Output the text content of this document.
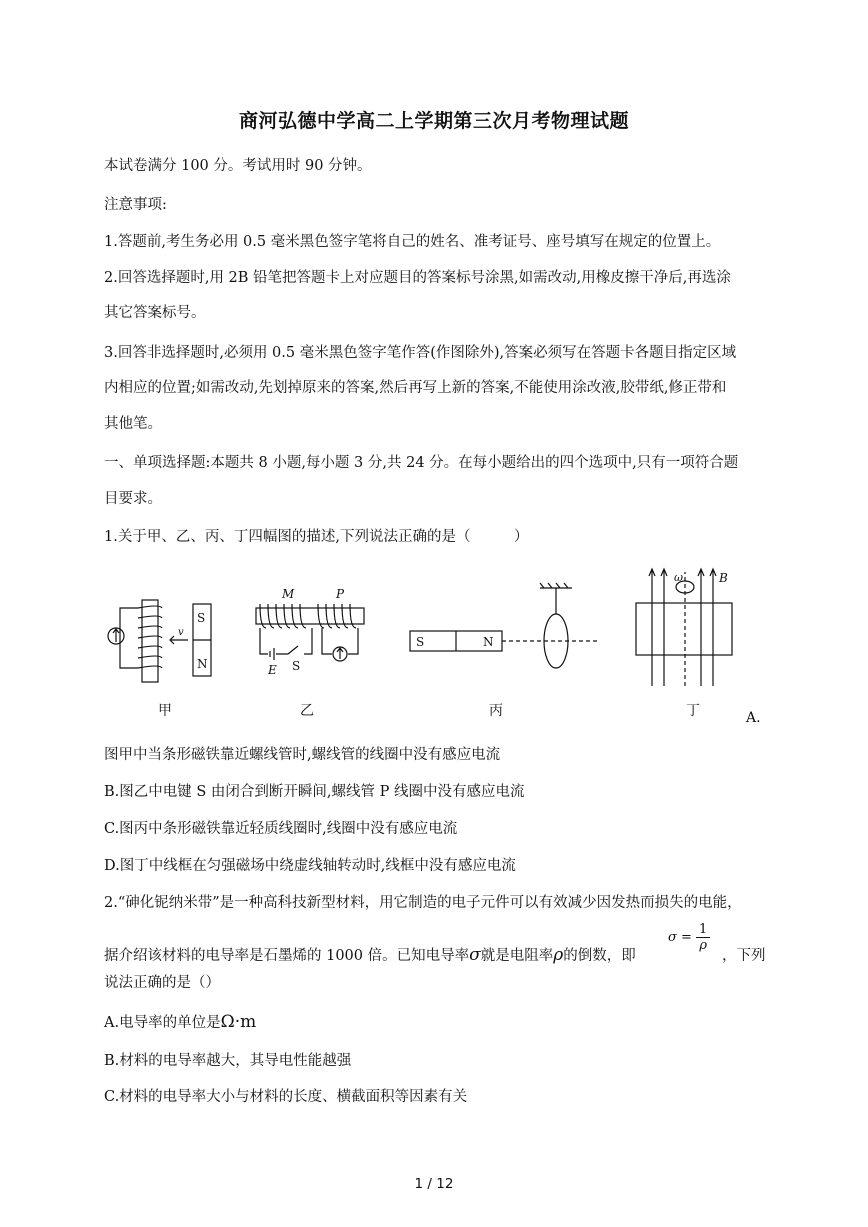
商河弘德中学高二上学期第三次月考物理试题
本试卷满分 100 分。考试用时 90 分钟。
注意事项:
1.答题前,考生务必用 0.5 毫米黑色签字笔将自己的姓名、准考证号、座号填写在规定的位置上。
2.回答选择题时,用 2B 铅笔把答题卡上对应题目的答案标号涂黑,如需改动,用橡皮擦干净后,再选涂
其它答案标号。
3.回答非选择题时,必须用 0.5 毫米黑色签字笔作答(作图除外),答案必须写在答题卡各题目指定区域
内相应的位置;如需改动,先划掉原来的答案,然后再写上新的答案,不能使用涂改液,胶带纸,修正带和
其他笔。
一、单项选择题:本题共 8 小题,每小题 3 分,共 24 分。在每小题给出的四个选项中,只有一项符合题
目要求。
1.关于甲、乙、丙、丁四幅图的描述,下列说法正确的是（　　　）
S
N
v
M	P
E S
S	N
ω	B
甲	乙	丙	丁	A.
图甲中当条形磁铁靠近螺线管时,螺线管的线圈中没有感应电流
B.图乙中电键 S 由闭合到断开瞬间,螺线管 P 线圈中没有感应电流
C.图丙中条形磁铁靠近轻质线圈时,线圈中没有感应电流
D.图丁中线框在匀强磁场中绕虚线轴转动时,线框中没有感应电流
2.“砷化铌纳米带”是一种高科技新型材料，用它制造的电子元件可以有效减少因发热而损失的电能，
据介绍该材料的电导率是石墨烯的 1000 倍。已知电导率σ就是电阻率ρ的倒数，即
$\sigma = \frac{1}{\rho}$
，下列
说法正确的是（）
A.电导率的单位是Ω·m
B.材料的电导率越大，其导电性能越强
C.材料的电导率大小与材料的长度、横截面积等因素有关
1 / 12
